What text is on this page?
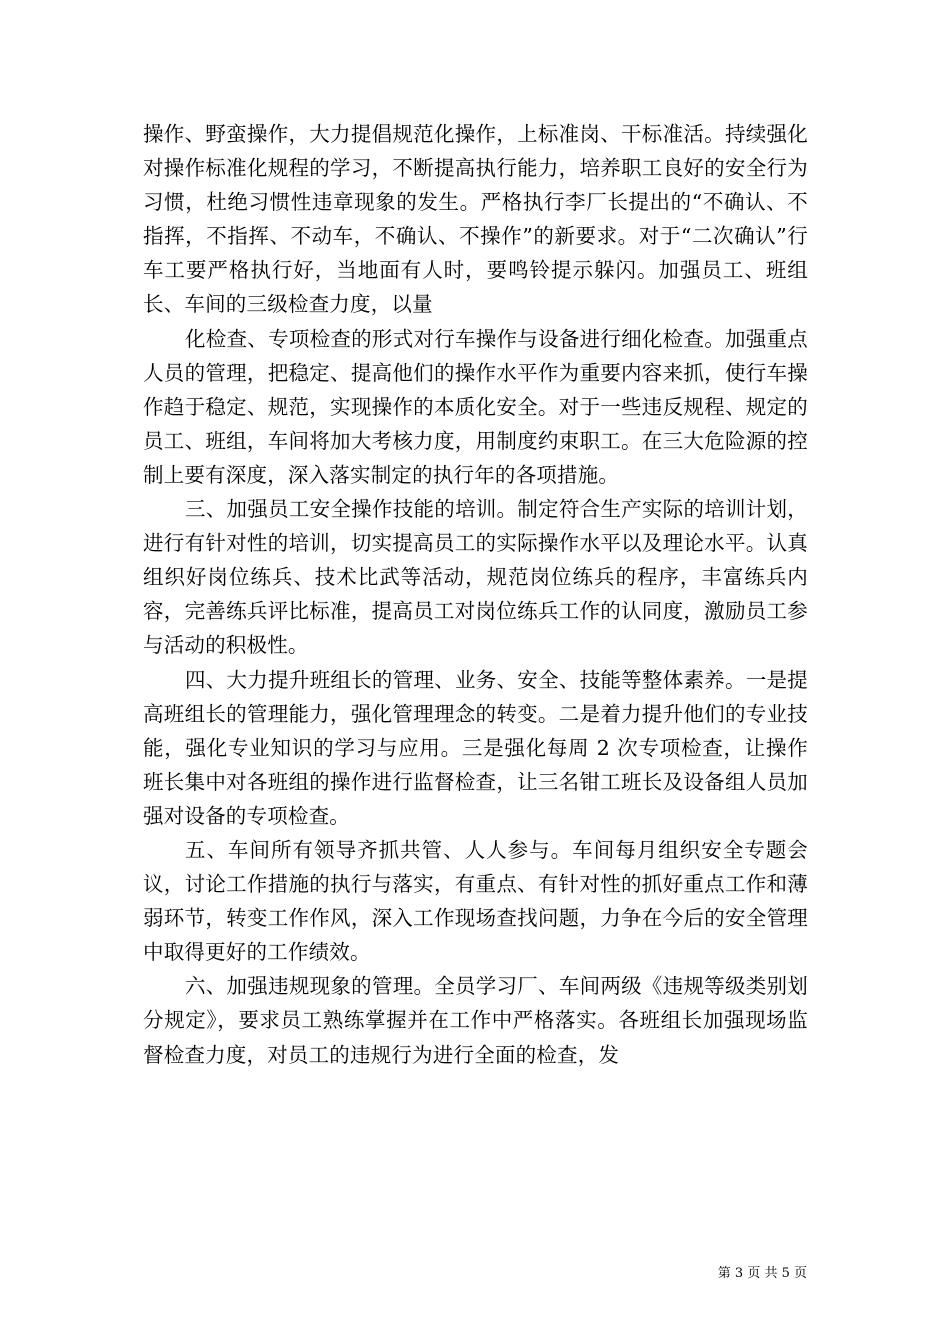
操作、野蛮操作，大力提倡规范化操作，上标准岗、干标准活。持续强化对操作标准化规程的学习，不断提高执行能力，培养职工良好的安全行为习惯，杜绝习惯性违章现象的发生。严格执行李厂长提出的“不确认、不指挥，不指挥、不动车，不确认、不操作”的新要求。对于“二次确认”行车工要严格执行好，当地面有人时，要鸣铃提示躲闪。加强员工、班组长、车间的三级检查力度，以量

化检查、专项检查的形式对行车操作与设备进行细化检查。加强重点人员的管理，把稳定、提高他们的操作水平作为重要内容来抓，使行车操作趋于稳定、规范，实现操作的本质化安全。对于一些违反规程、规定的员工、班组，车间将加大考核力度，用制度约束职工。在三大危险源的控制上要有深度，深入落实制定的执行年的各项措施。

三、加强员工安全操作技能的培训。制定符合生产实际的培训计划，进行有针对性的培训，切实提高员工的实际操作水平以及理论水平。认真组织好岗位练兵、技术比武等活动，规范岗位练兵的程序，丰富练兵内容，完善练兵评比标准，提高员工对岗位练兵工作的认同度，激励员工参与活动的积极性。

四、大力提升班组长的管理、业务、安全、技能等整体素养。一是提高班组长的管理能力，强化管理理念的转变。二是着力提升他们的专业技能，强化专业知识的学习与应用。三是强化每周 2 次专项检查，让操作班长集中对各班组的操作进行监督检查，让三名钳工班长及设备组人员加强对设备的专项检查。

五、车间所有领导齐抓共管、人人参与。车间每月组织安全专题会议，讨论工作措施的执行与落实，有重点、有针对性的抓好重点工作和薄弱环节，转变工作作风，深入工作现场查找问题，力争在今后的安全管理中取得更好的工作绩效。

六、加强违规现象的管理。全员学习厂、车间两级《违规等级类别划分规定》，要求员工熟练掌握并在工作中严格落实。各班组长加强现场监督检查力度，对员工的违规行为进行全面的检查，发

第 3 页 共 5 页
